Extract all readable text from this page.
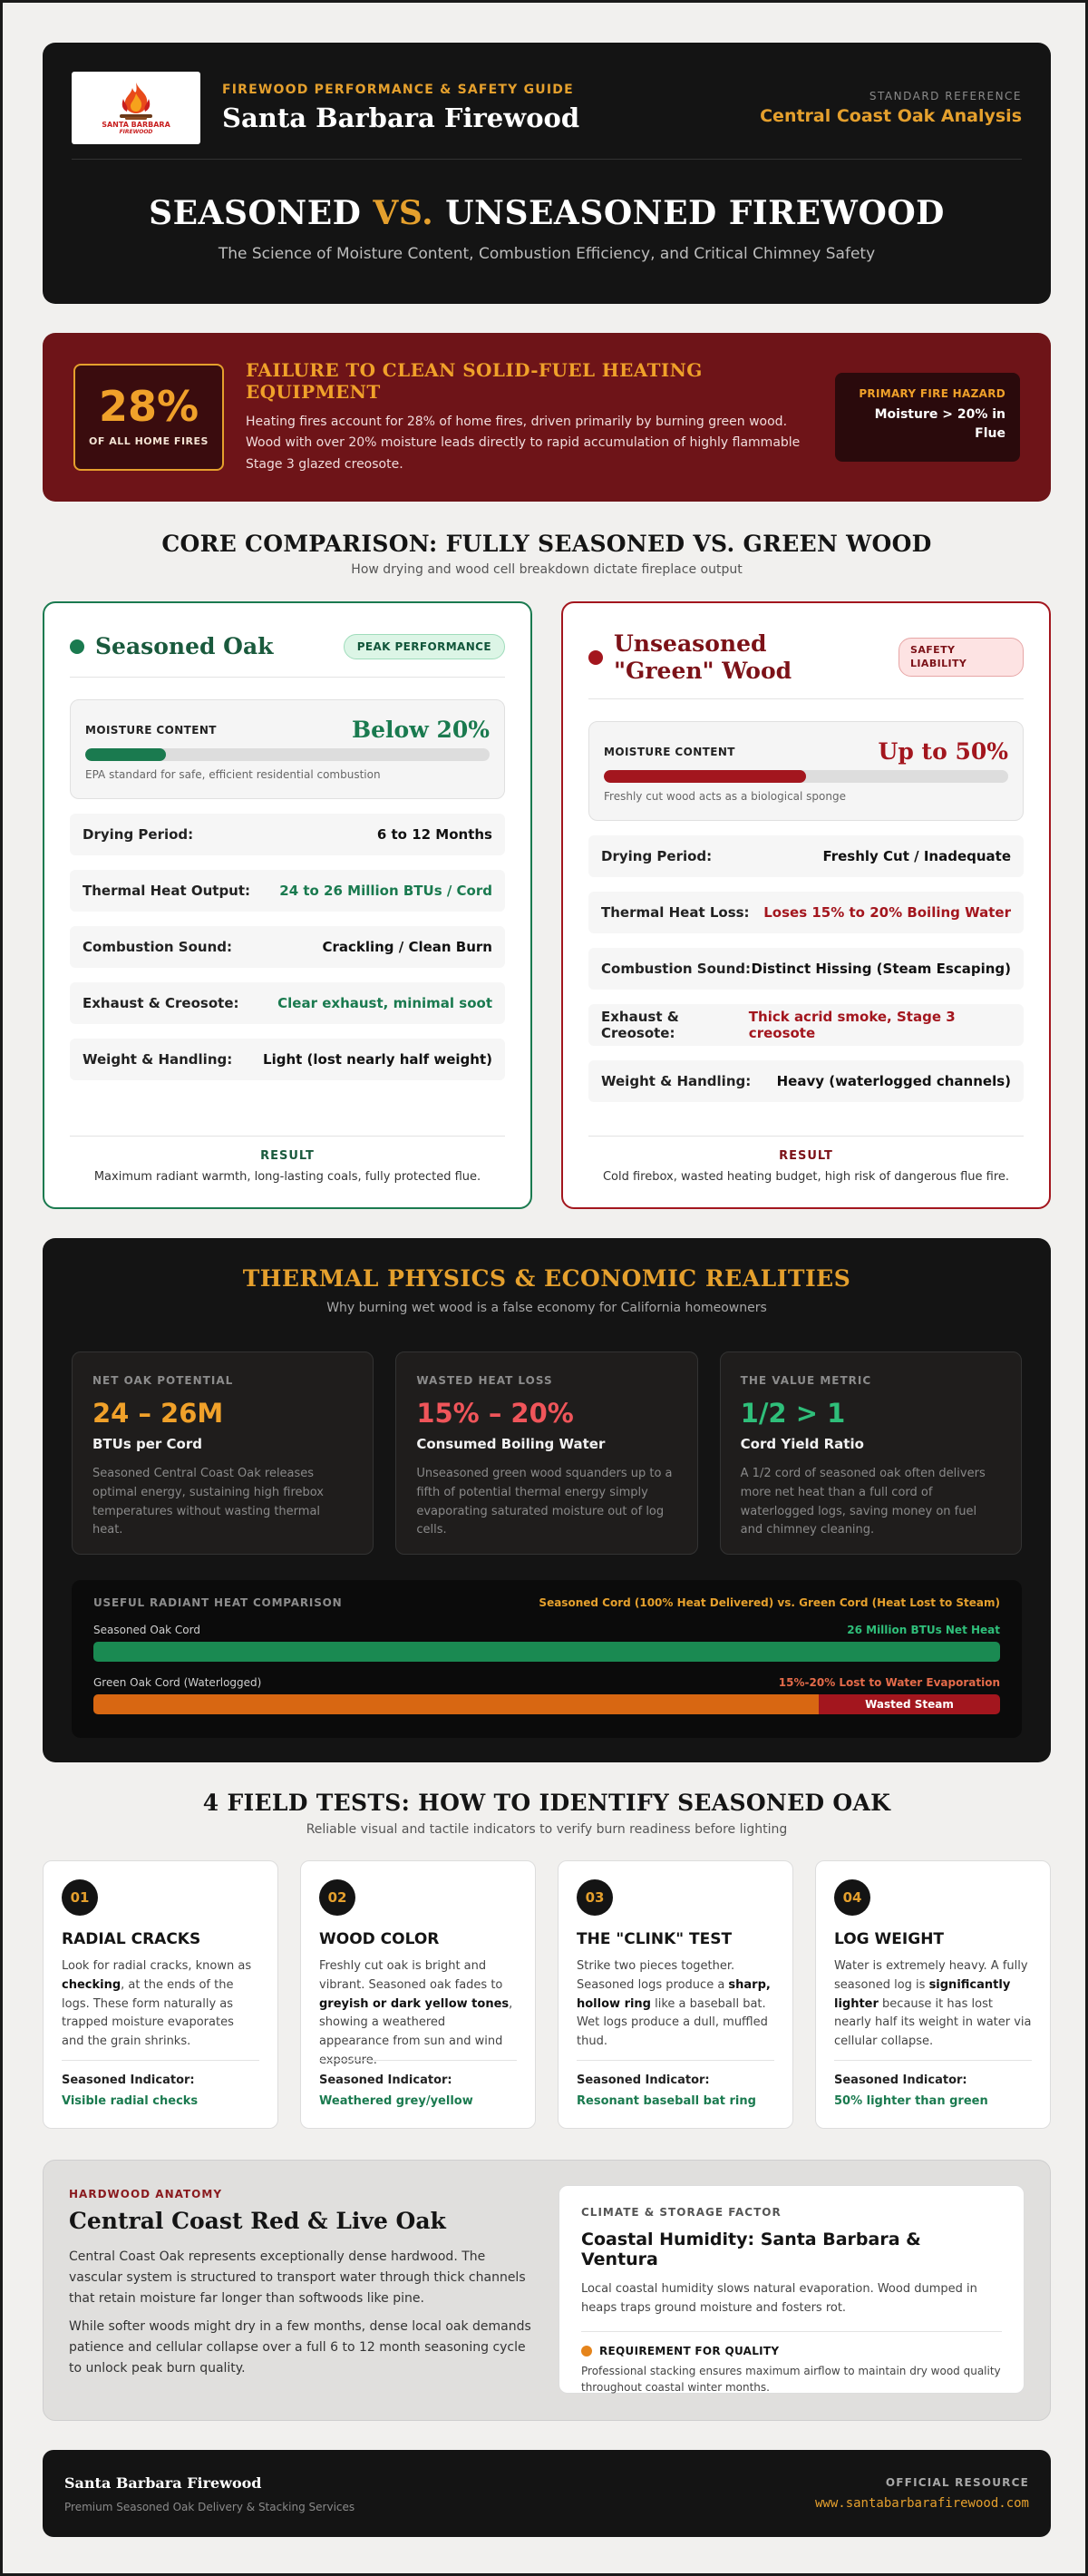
SANTA BARBARA
FIREWOOD
FIREWOOD PERFORMANCE & SAFETY GUIDE
Santa Barbara Firewood
STANDARD REFERENCE
Central Coast Oak Analysis
SEASONED VS. UNSEASONED FIREWOOD
The Science of Moisture Content, Combustion Efficiency, and Critical Chimney Safety
28%
OF ALL HOME FIRES
FAILURE TO CLEAN SOLID-FUEL HEATING EQUIPMENT
Heating fires account for 28% of home fires, driven primarily by burning green wood. Wood with over 20% moisture leads directly to rapid accumulation of highly flammable Stage 3 glazed creosote.
PRIMARY FIRE HAZARD
Moisture > 20% in Flue
CORE COMPARISON: FULLY SEASONED VS. GREEN WOOD
How drying and wood cell breakdown dictate fireplace output
Seasoned Oak	PEAK PERFORMANCE
MOISTURE CONTENT	Below 20%
EPA standard for safe, efficient residential combustion
Drying Period:	6 to 12 Months
Thermal Heat Output: 24 to 26 Million BTUs / Cord
Combustion Sound:	Crackling / Clean Burn
Exhaust & Creosote:	Clear exhaust, minimal soot
Weight & Handling: Light (lost nearly half weight)
RESULT
Maximum radiant warmth, long-lasting coals, fully protected flue.
Unseasoned "Green" Wood
SAFETY LIABILITY
MOISTURE CONTENT	Up to 50%
Freshly cut wood acts as a biological sponge
Drying Period:	Freshly Cut / Inadequate
Thermal Heat Loss: Loses 15% to 20% Boiling Water
Combustion Sound: Distinct Hissing (Steam Escaping)
Exhaust & Creosote:
Thick acrid smoke, Stage 3 creosote
Weight & Handling: Heavy (waterlogged channels)
RESULT
Cold firebox, wasted heating budget, high risk of dangerous flue fire.
THERMAL PHYSICS & ECONOMIC REALITIES
Why burning wet wood is a false economy for California homeowners
NET OAK POTENTIAL
24 – 26M
BTUs per Cord
Seasoned Central Coast Oak releases optimal energy, sustaining high firebox temperatures without wasting thermal heat.
WASTED HEAT LOSS
15% – 20%
Consumed Boiling Water
Unseasoned green wood squanders up to a fifth of potential thermal energy simply evaporating saturated moisture out of log cells.
THE VALUE METRIC
1/2 > 1
Cord Yield Ratio
A 1/2 cord of seasoned oak often delivers more net heat than a full cord of waterlogged logs, saving money on fuel and chimney cleaning.
USEFUL RADIANT HEAT COMPARISON	Seasoned Cord (100% Heat Delivered) vs. Green Cord (Heat Lost to Steam)
Seasoned Oak Cord	26 Million BTUs Net Heat
Green Oak Cord (Waterlogged)	15%-20% Lost to Water Evaporation
Wasted Steam
4 FIELD TESTS: HOW TO IDENTIFY SEASONED OAK
Reliable visual and tactile indicators to verify burn readiness before lighting
01
RADIAL CRACKS
Look for radial cracks, known as checking, at the ends of the logs. These form naturally as trapped moisture evaporates and the grain shrinks.
Seasoned Indicator:
Visible radial checks
02
WOOD COLOR
Freshly cut oak is bright and vibrant. Seasoned oak fades to greyish or dark yellow tones, showing a weathered appearance from sun and wind exposure.
Seasoned Indicator:
Weathered grey/yellow
03
THE "CLINK" TEST
Strike two pieces together. Seasoned logs produce a sharp, hollow ring like a baseball bat. Wet logs produce a dull, muffled thud.
Seasoned Indicator:
Resonant baseball bat ring
04
LOG WEIGHT
Water is extremely heavy. A fully seasoned log is significantly lighter because it has lost nearly half its weight in water via cellular collapse.
Seasoned Indicator:
50% lighter than green
HARDWOOD ANATOMY
Central Coast Red & Live Oak
Central Coast Oak represents exceptionally dense hardwood. The vascular system is structured to transport water through thick channels that retain moisture far longer than softwoods like pine.
While softer woods might dry in a few months, dense local oak demands patience and cellular collapse over a full 6 to 12 month seasoning cycle to unlock peak burn quality.
CLIMATE & STORAGE FACTOR
Coastal Humidity: Santa Barbara & Ventura
Local coastal humidity slows natural evaporation. Wood dumped in heaps traps ground moisture and fosters rot.
REQUIREMENT FOR QUALITY
Professional stacking ensures maximum airflow to maintain dry wood quality throughout coastal winter months.
Santa Barbara Firewood
Premium Seasoned Oak Delivery & Stacking Services
OFFICIAL RESOURCE
www.santabarbarafirewood.com
